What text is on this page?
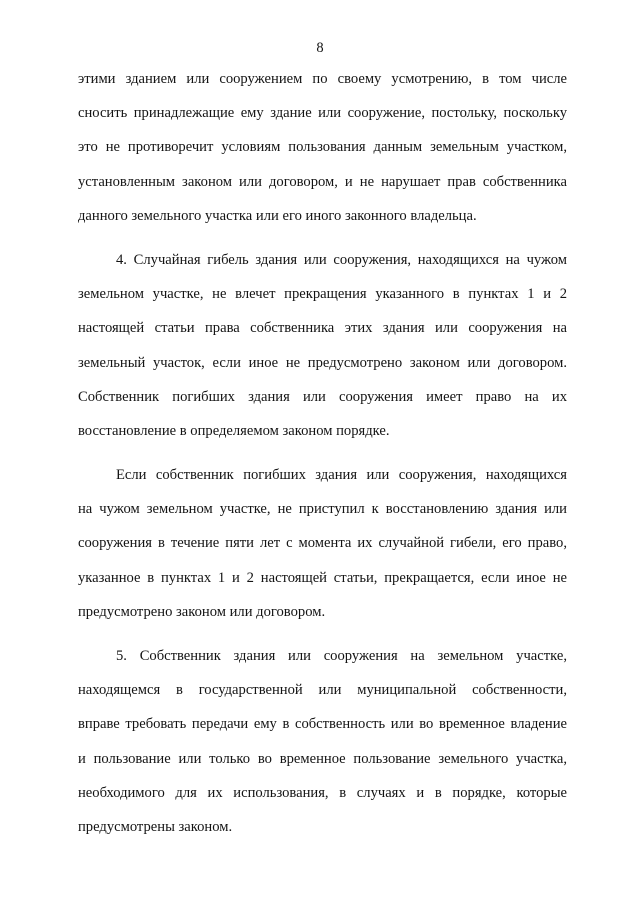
8
этими зданием или сооружением по своему усмотрению, в том числе
сносить принадлежащие ему здание или сооружение, постольку, поскольку
это не противоречит условиям пользования данным земельным участком,
установленным законом или договором, и не нарушает прав собственника
данного земельного участка или его иного законного владельца.
4. Случайная гибель здания или сооружения, находящихся на чужом
земельном участке, не влечет прекращения указанного в пунктах 1 и 2
настоящей статьи права собственника этих здания или сооружения на
земельный участок, если иное не предусмотрено законом или договором.
Собственник погибших здания или сооружения имеет право на их
восстановление в определяемом законом порядке.
Если собственник погибших здания или сооружения, находящихся
на чужом земельном участке, не приступил к восстановлению здания или
сооружения в течение пяти лет с момента их случайной гибели, его право,
указанное в пунктах 1 и 2 настоящей статьи, прекращается, если иное не
предусмотрено законом или договором.
5. Собственник здания или сооружения на земельном участке,
находящемся в государственной или муниципальной собственности,
вправе требовать передачи ему в собственность или во временное владение
и пользование или только во временное пользование земельного участка,
необходимого для их использования, в случаях и в порядке, которые
предусмотрены законом.
